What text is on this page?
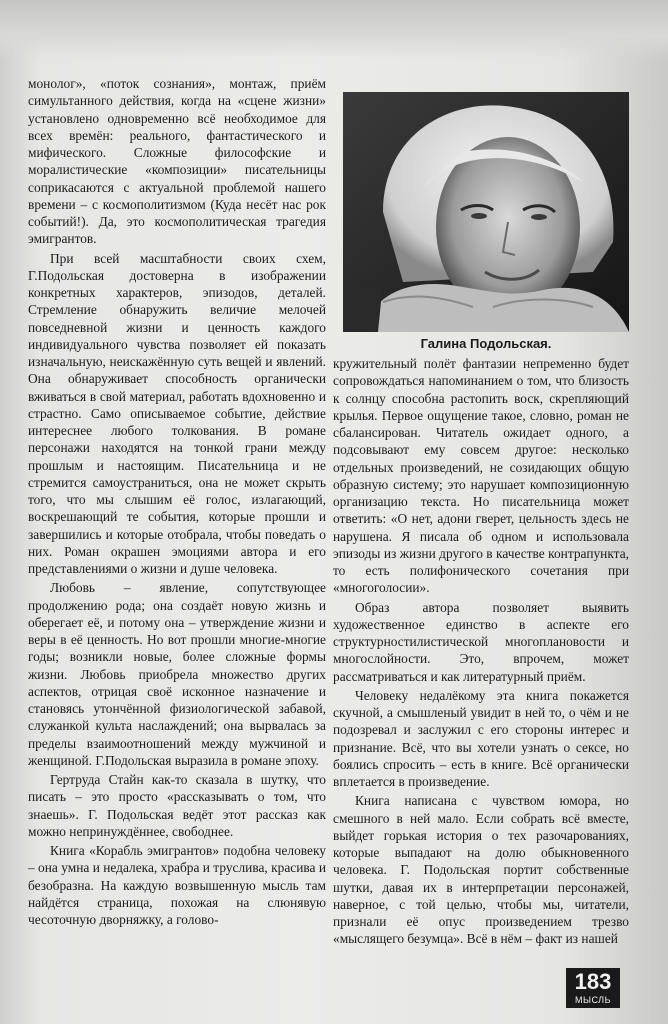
монолог», «поток сознания», монтаж, приём симультанного действия, когда на «сцене жизни» установлено одновременно всё необходимое для всех времён: реального, фантастического и мифического. Сложные философские и моралистические «композиции» писательницы соприкасаются с актуальной проблемой нашего времени – с космополитизмом (Куда несёт нас рок событий!). Да, это космополитическая трагедия эмигрантов.

При всей масштабности своих схем, Г.Подольская достоверна в изображении конкретных характеров, эпизодов, деталей. Стремление обнаружить величие мелочей повседневной жизни и ценность каждого индивидуального чувства позволяет ей показать изначальную, неискажённую суть вещей и явлений. Она обнаруживает способность органически вживаться в свой материал, работать вдохновенно и страстно. Само описываемое событие, действие интереснее любого толкования. В романе персонажи находятся на тонкой грани между прошлым и настоящим. Писательница и не стремится самоустраниться, она не может скрыть того, что мы слышим её голос, излагающий, воскрешающий те события, которые прошли и завершились и которые отобрала, чтобы поведать о них. Роман окрашен эмоциями автора и его представлениями о жизни и душе человека.

Любовь – явление, сопутствующее продолжению рода; она создаёт новую жизнь и оберегает её, и потому она – утверждение жизни и веры в её ценность. Но вот прошли многие-многие годы; возникли новые, более сложные формы жизни. Любовь приобрела множество других аспектов, отрицая своё исконное назначение и становясь утончённой физиологической забавой, служанкой культа наслаждений; она вырвалась за пределы взаимоотношений между мужчиной и женщиной. Г.Подольская выразила в романе эпоху.

Гертруда Стайн как-то сказала в шутку, что писать – это просто «рассказывать о том, что знаешь». Г. Подольская ведёт этот рассказ как можно непринуждённее, свободнее.

Книга «Корабль эмигрантов» подобна человеку – она умна и недалека, храбра и труслива, красива и безобразна. На каждую возвышенную мысль там найдётся страница, похожая на слюнявую чесоточную дворняжку, а голово-

Галина Подольская.

кружительный полёт фантазии непременно будет сопровождаться напоминанием о том, что близость к солнцу способна растопить воск, скрепляющий крылья. Первое ощущение такое, словно, роман не сбалансирован. Читатель ожидает одного, а подсовывают ему совсем другое: несколько отдельных произведений, не созидающих общую образную систему; это нарушает композиционную организацию текста. Но писательница может ответить: «О нет, адони гверет, цельность здесь не нарушена. Я писала об одном и использовала эпизоды из жизни другого в качестве контрапункта, то есть полифонического сочетания при «многоголосии».

Образ автора позволяет выявить художественное единство в аспекте его структурностилистической многоплановости и многослойности. Это, впрочем, может рассматриваться и как литературный приём.

Человеку недалёкому эта книга покажется скучной, а смышленый увидит в ней то, о чём и не подозревал и заслужил с его стороны интерес и признание. Всё, что вы хотели узнать о сексе, но боялись спросить – есть в книге. Всё органически вплетается в произведение.

Книга написана с чувством юмора, но смешного в ней мало. Если собрать всё вместе, выйдет горькая история о тех разочарованиях, которые выпадают на долю обыкновенного человека. Г. Подольская портит собственные шутки, давая их в интерпретации персонажей, наверное, с той целью, чтобы мы, читатели, признали её опус произведением трезво «мыслящего безумца». Всё в нём – факт из нашей

183
МЫСЛЬ
